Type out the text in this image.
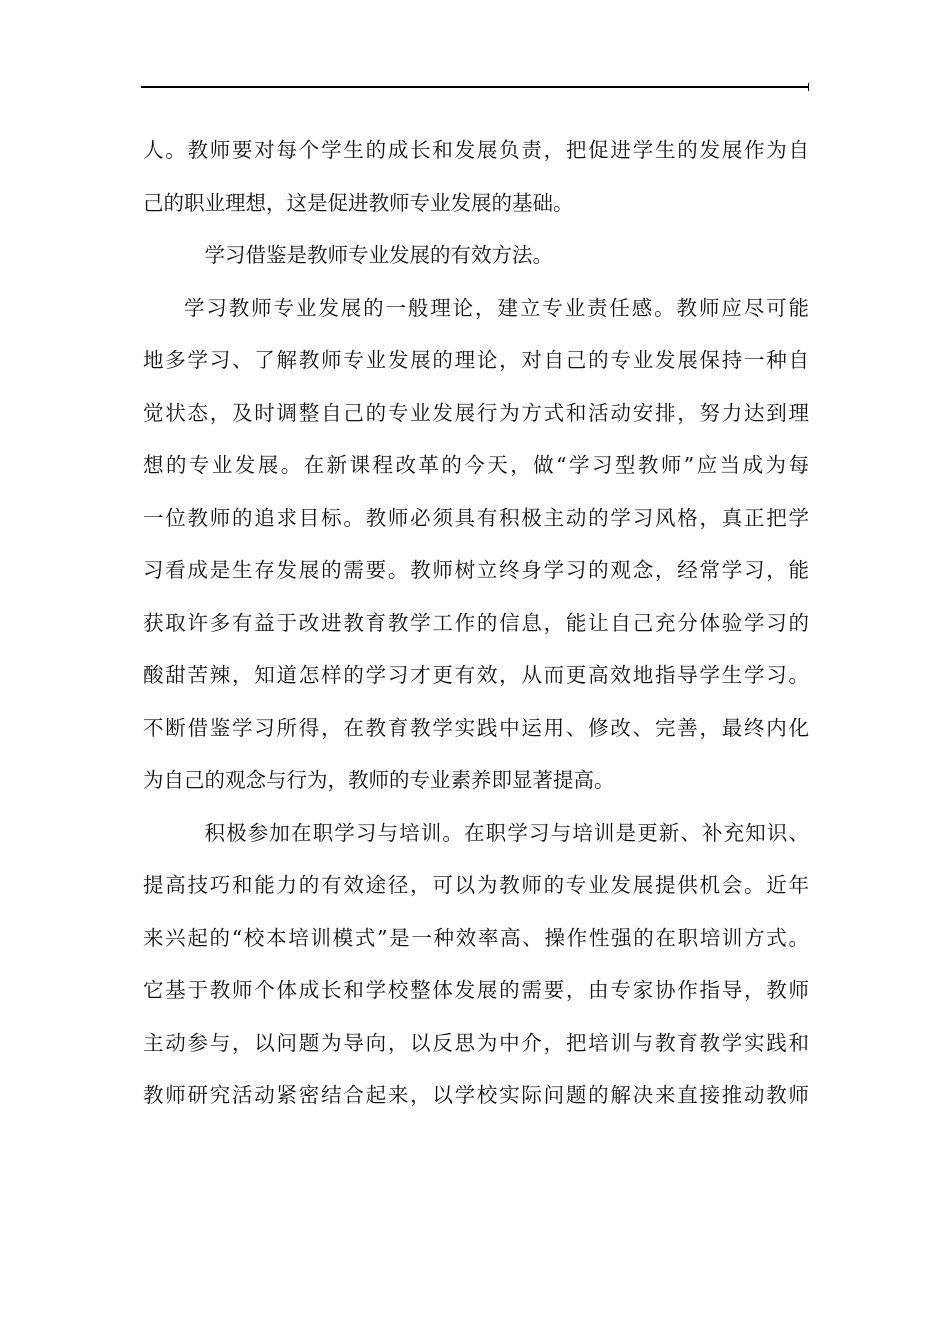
人。教师要对每个学生的成长和发展负责，把促进学生的发展作为自
己的职业理想，这是促进教师专业发展的基础。
学习借鉴是教师专业发展的有效方法。
学习教师专业发展的一般理论，建立专业责任感。教师应尽可能
地多学习、了解教师专业发展的理论，对自己的专业发展保持一种自
觉状态，及时调整自己的专业发展行为方式和活动安排，努力达到理
想的专业发展。在新课程改革的今天，做“学习型教师”应当成为每
一位教师的追求目标。教师必须具有积极主动的学习风格，真正把学
习看成是生存发展的需要。教师树立终身学习的观念，经常学习，能
获取许多有益于改进教育教学工作的信息，能让自己充分体验学习的
酸甜苦辣，知道怎样的学习才更有效，从而更高效地指导学生学习。
不断借鉴学习所得，在教育教学实践中运用、修改、完善，最终内化
为自己的观念与行为，教师的专业素养即显著提高。
积极参加在职学习与培训。在职学习与培训是更新、补充知识、
提高技巧和能力的有效途径，可以为教师的专业发展提供机会。近年
来兴起的“校本培训模式”是一种效率高、操作性强的在职培训方式。
它基于教师个体成长和学校整体发展的需要，由专家协作指导，教师
主动参与，以问题为导向，以反思为中介，把培训与教育教学实践和
教师研究活动紧密结合起来，以学校实际问题的解决来直接推动教师
